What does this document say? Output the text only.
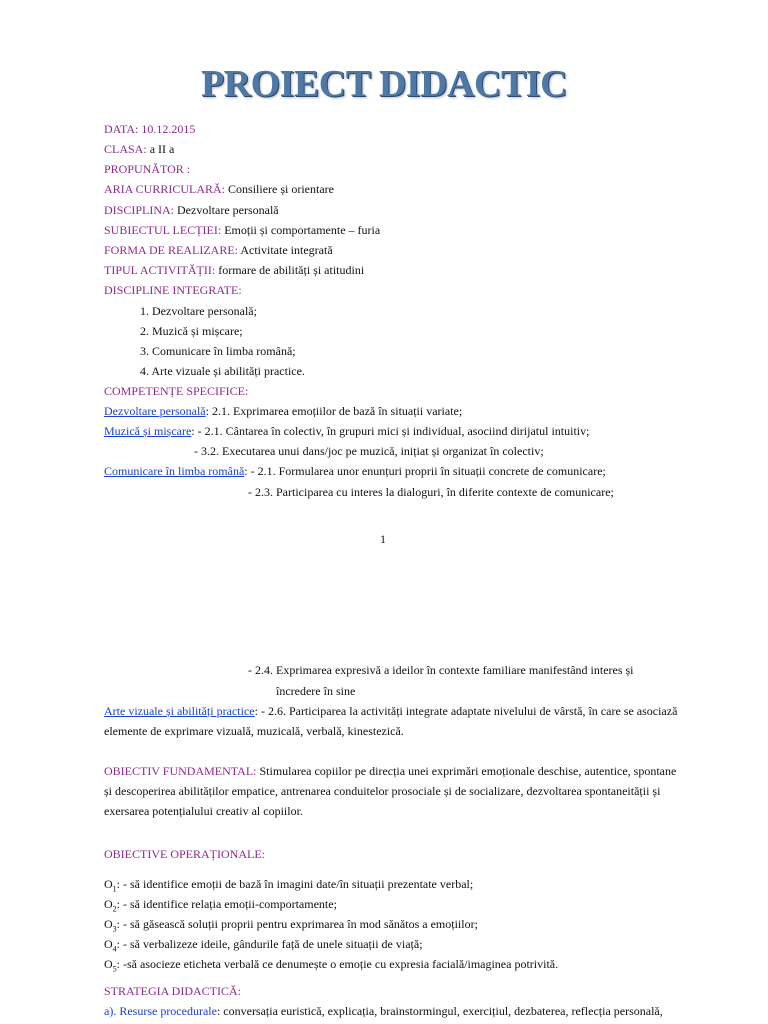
PROIECT DIDACTIC
DATA: 10.12.2015
CLASA: a II a
PROPUNĂTOR :
ARIA CURRICULARĂ: Consiliere și orientare
DISCIPLINA: Dezvoltare personală
SUBIECTUL LECȚIEI: Emoții și comportamente – furia
FORMA DE REALIZARE: Activitate integrată
TIPUL ACTIVITĂȚII: formare de abilități și atitudini
DISCIPLINE INTEGRATE:
1. Dezvoltare personală;
2. Muzică și mișcare;
3. Comunicare în limba română;
4. Arte vizuale și abilități practice.
COMPETENȚE SPECIFICE:
Dezvoltare personală: 2.1. Exprimarea emoțiilor de bază în situații variate;
Muzică și mișcare: - 2.1. Cântarea în colectiv, în grupuri mici și individual, asociind dirijatul intuitiv;
- 3.2. Executarea unui dans/joc pe muzică, inițiat și organizat în colectiv;
Comunicare în limba română: - 2.1. Formularea unor enunțuri proprii în situații concrete de comunicare;
- 2.3. Participarea cu interes la dialoguri, în diferite contexte de comunicare;
1
- 2.4. Exprimarea expresivă a ideilor în contexte familiare manifestând interes și
încredere în sine
Arte vizuale și abilități practice: - 2.6. Participarea la activități integrate adaptate nivelului de vârstă, în care se asociază
elemente de exprimare vizuală, muzicală, verbală, kinestezică.
OBIECTIV FUNDAMENTAL: Stimularea copiilor pe direcția unei exprimări emoționale deschise, autentice, spontane
și descoperirea abilităților empatice, antrenarea conduitelor prosociale și de socializare, dezvoltarea spontaneității și
exersarea potențialului creativ al copiilor.
OBIECTIVE OPERAȚIONALE:
$O_1$: - să identifice emoții de bază în imagini date/în situații prezentate verbal;
$O_2$: - să identifice relația emoții-comportamente;
$O_3$: - să găsească soluții proprii pentru exprimarea în mod sănătos a emoțiilor;
$O_4$: - să verbalizeze ideile, gândurile față de unele situații de viață;
$O_5$: -să asocieze eticheta verbală ce denumește o emoție cu expresia facială/imaginea potrivită.
STRATEGIA DIDACTICĂ:
a). Resurse procedurale: conversația euristică, explicația, brainstormingul, exercițiul, dezbaterea, reflecția personală,
